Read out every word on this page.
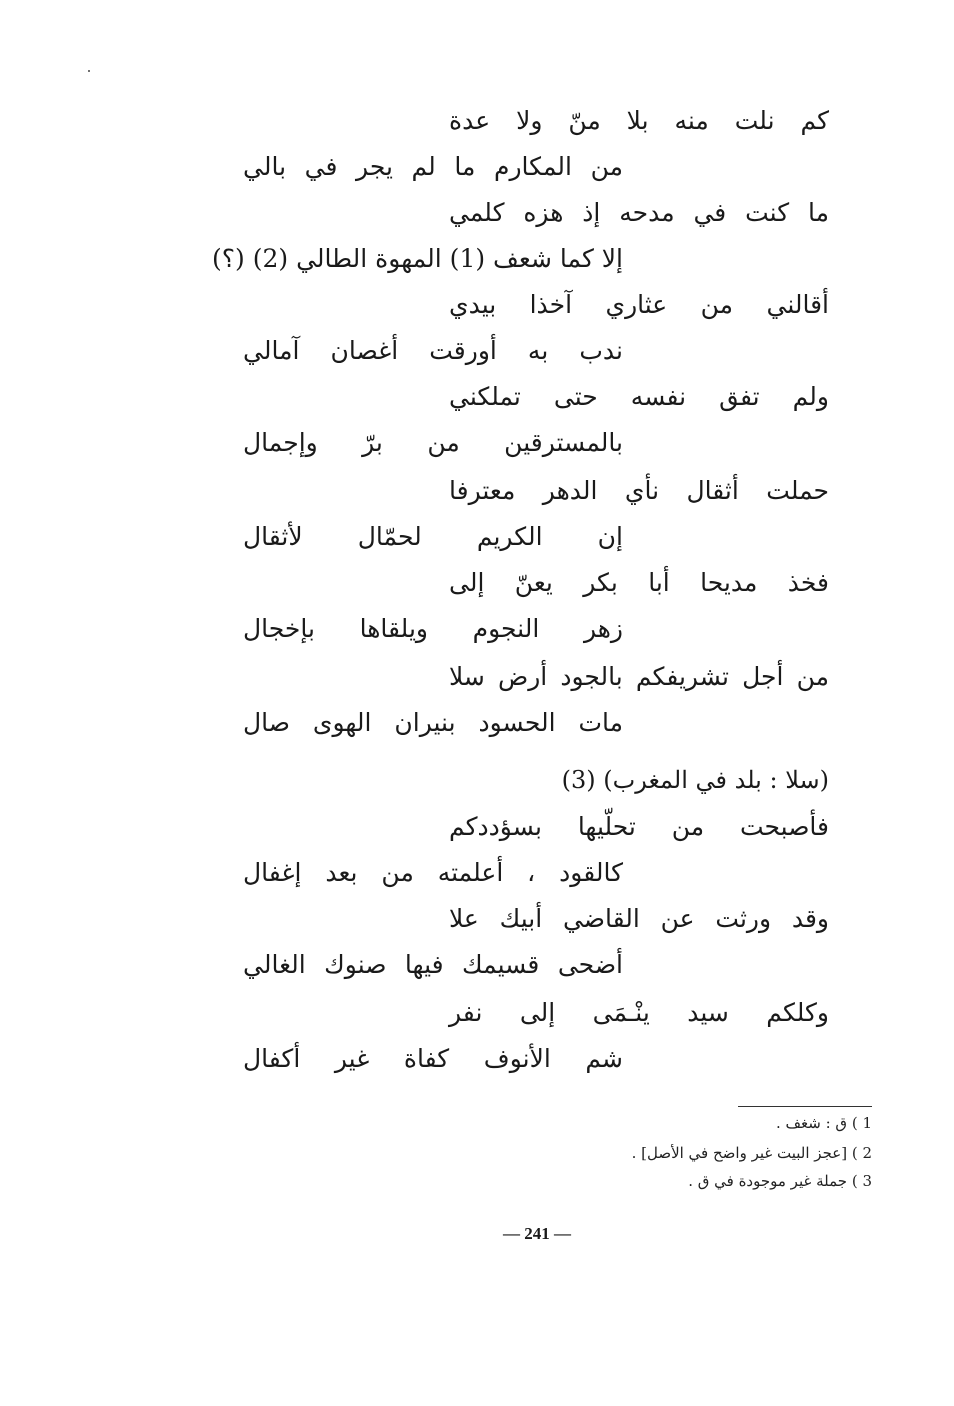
كم نلت منه بلا منّ ولا عدة
من المكارم ما لم يجر في بالي
ما كنت في مدحه إذ هزه كلمي
إلا كما شعف (1) المهوة الطالي (2) (؟)
أقالني من عثاري آخذا بيدي
ندب به أورقت أغصان آمالي
ولم تفق نفسه حتى تملكني
بالمسترقين من برّ وإجمال
حملت أثقال نأي الدهر معترفا
إن الكريم لحمّال لأثقال
فخذ مديحا أبا بكر يعنّ إلى
زهر النجوم ويلقاها بإخجال
من أجل تشريفكم بالجود أرض سلا
مات الحسود بنيران الهوى صال
(سلا : بلد في المغرب) (3)
فأصبحت من تحلّيها بسؤددكم
كالقود ، أعلمته من بعد إغفال
وقد ورثت عن القاضي أبيك علا
أضحى قسيمك فيها صنوك الغالي
وكلكم سيد ينْـمَى إلى نفر
شم الأنوف كفاة غير أكفال
1 ) ق : شغف .
2 ) [عجز البيت غير واضح في الأصل] .
3 ) جملة غير موجودة في ق .
— 241 —
